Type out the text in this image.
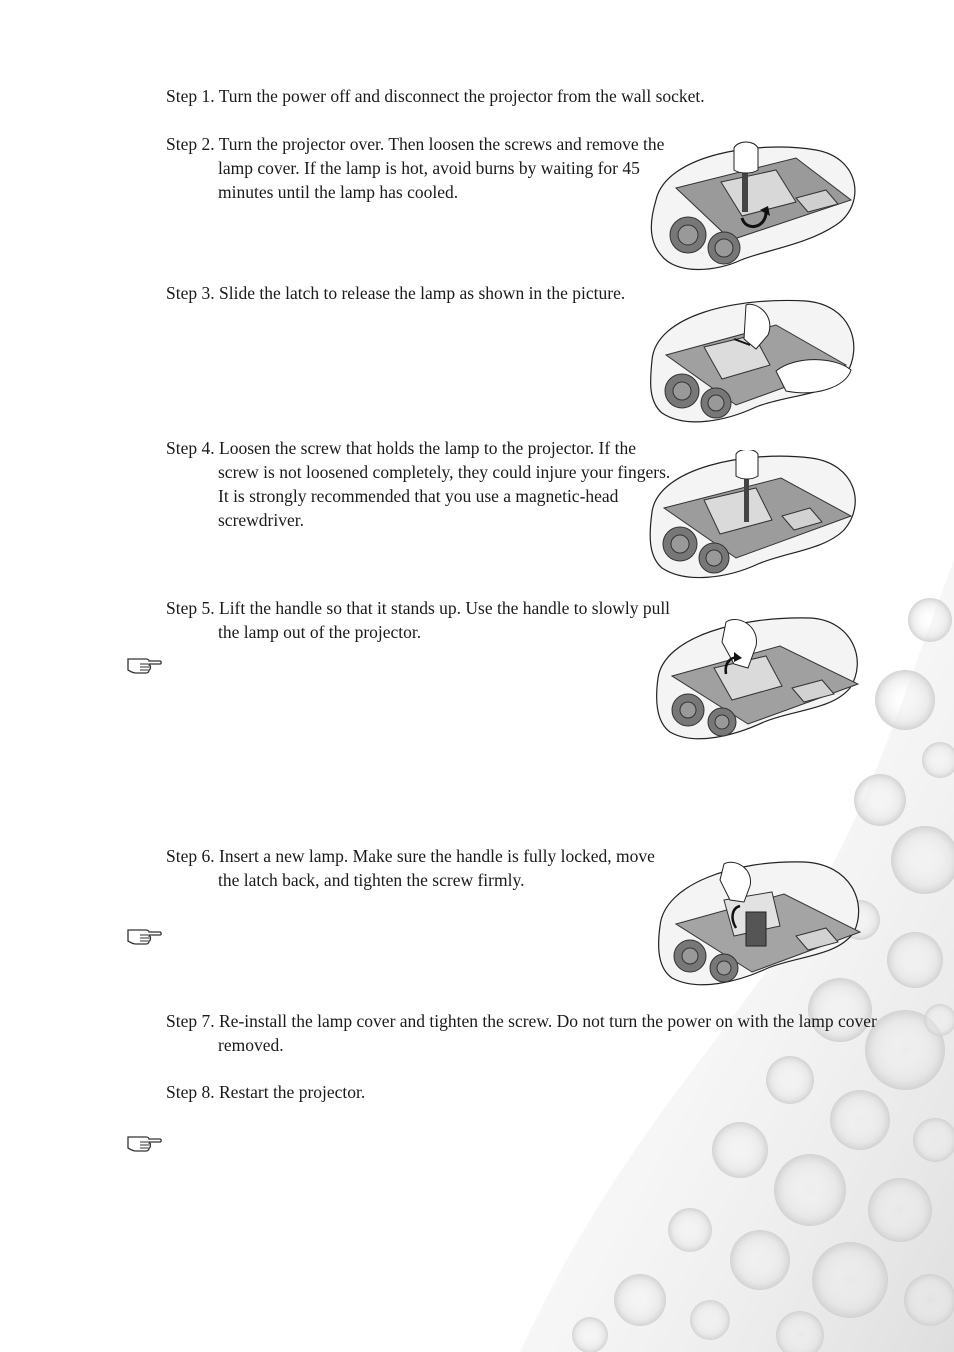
Step 1. Turn the power off and disconnect the projector from the wall socket.
Step 2. Turn the projector over. Then loosen the screws and remove the lamp cover. If the lamp is hot, avoid burns by waiting for 45 minutes until the lamp has cooled.
Step 3. Slide the latch to release the lamp as shown in the picture.
Step 4. Loosen the screw that holds the lamp to the projector. If the screw is not loosened completely, they could injure your fingers. It is strongly recommended that you use a magnetic-head screwdriver.
Step 5. Lift the handle so that it stands up. Use the handle to slowly pull the lamp out of the projector.
Step 6. Insert a new lamp. Make sure the handle is fully locked, move the latch back, and tighten the screw firmly.
Step 7. Re-install the lamp cover and tighten the screw. Do not turn the power on with the lamp cover removed.
Step 8. Restart the projector.
